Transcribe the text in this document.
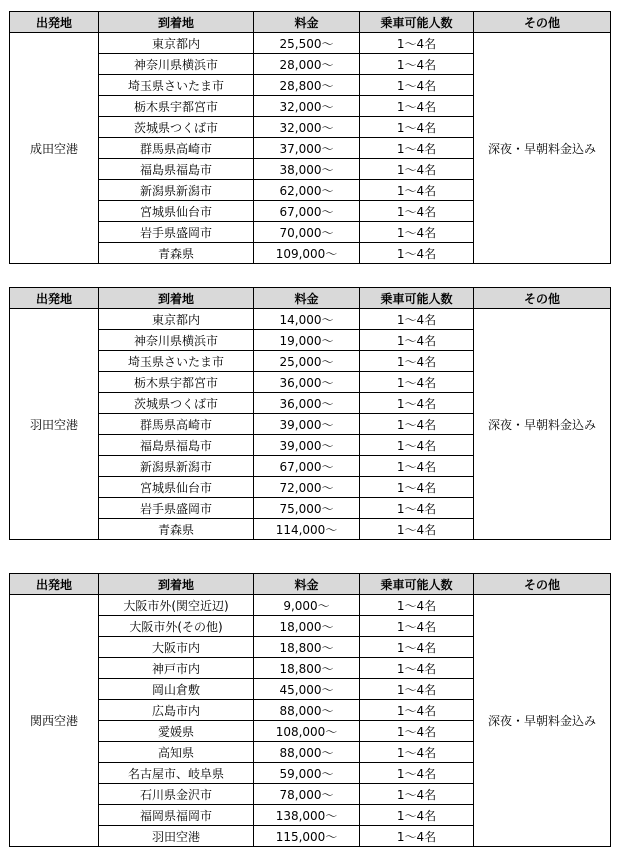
出発地	到着地	料金	乗車可能人数	その他
成田空港	東京都内	25,500～	1～4名	深夜・早朝料金込み
	神奈川県横浜市	28,000～	1～4名	
	埼玉県さいたま市	28,800～	1～4名	
	栃木県宇都宮市	32,000～	1～4名	
	茨城県つくば市	32,000～	1～4名	
	群馬県高崎市	37,000～	1～4名	
	福島県福島市	38,000～	1～4名	
	新潟県新潟市	62,000～	1～4名	
	宮城県仙台市	67,000～	1～4名	
	岩手県盛岡市	70,000～	1～4名	
	青森県	109,000～	1～4名	
出発地	到着地	料金	乗車可能人数	その他
羽田空港	東京都内	14,000～	1～4名	深夜・早朝料金込み
	神奈川県横浜市	19,000～	1～4名	
	埼玉県さいたま市	25,000～	1～4名	
	栃木県宇都宮市	36,000～	1～4名	
	茨城県つくば市	36,000～	1～4名	
	群馬県高崎市	39,000～	1～4名	
	福島県福島市	39,000～	1～4名	
	新潟県新潟市	67,000～	1～4名	
	宮城県仙台市	72,000～	1～4名	
	岩手県盛岡市	75,000～	1～4名	
	青森県	114,000～	1～4名	
出発地	到着地	料金	乗車可能人数	その他
関西空港	大阪市外(関空近辺)	9,000～	1～4名	深夜・早朝料金込み
	大阪市外(その他)	18,000～	1～4名	
	大阪市内	18,800～	1～4名	
	神戸市内	18,800～	1～4名	
	岡山倉敷	45,000～	1～4名	
	広島市内	88,000～	1～4名	
	愛媛県	108,000～	1～4名	
	高知県	88,000～	1～4名	
	名古屋市、岐阜県	59,000～	1～4名	
	石川県金沢市	78,000～	1～4名	
	福岡県福岡市	138,000～	1～4名	
	羽田空港	115,000～	1～4名	
